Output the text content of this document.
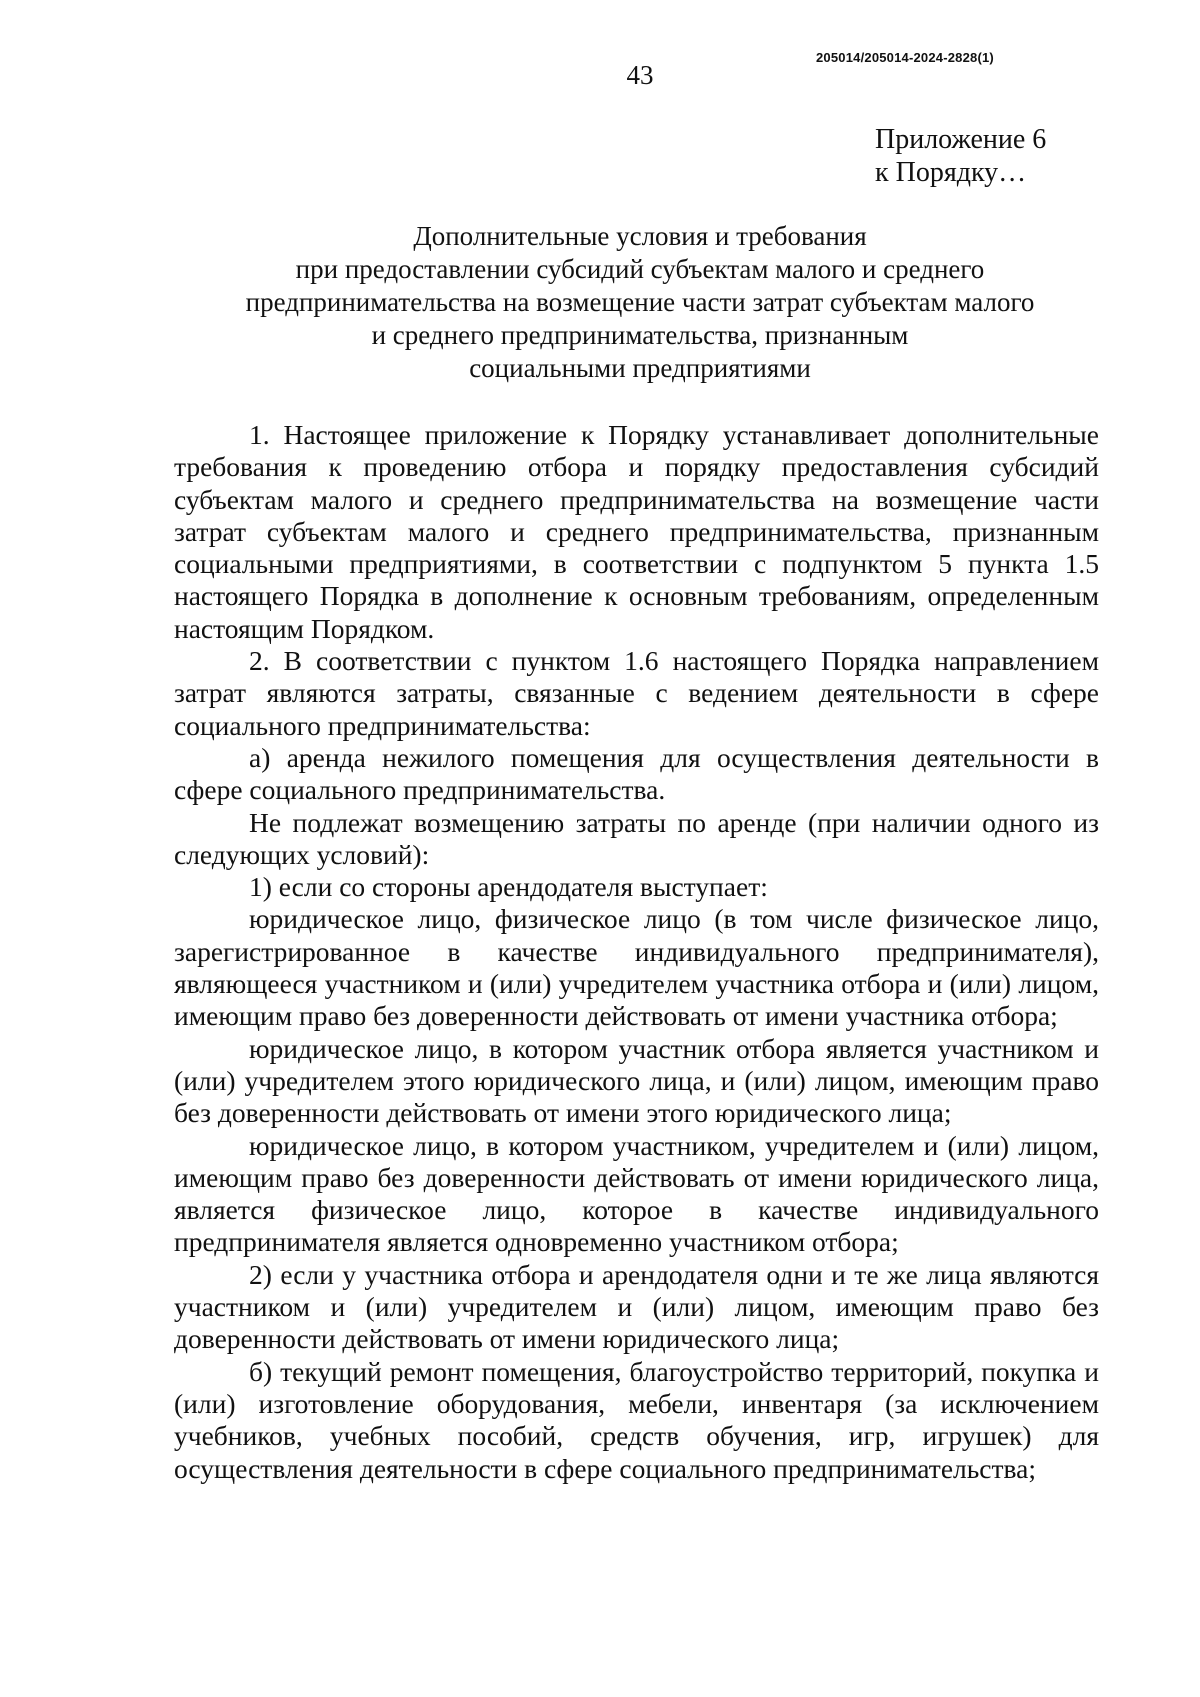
205014/205014-2024-2828(1)
43
Приложение 6
к Порядку…
Дополнительные условия и требования
при предоставлении субсидий субъектам малого и среднего
предпринимательства на возмещение части затрат субъектам малого
и среднего предпринимательства, признанным
социальными предприятиями

1. Настоящее приложение к Порядку устанавливает дополнительные требования к проведению отбора и порядку предоставления субсидий субъектам малого и среднего предпринимательства на возмещение части затрат субъектам малого и среднего предпринимательства, признанным социальными предприятиями, в соответствии с подпунктом 5 пункта 1.5 настоящего Порядка в дополнение к основным требованиям, определенным настоящим Порядком.

2. В соответствии с пунктом 1.6 настоящего Порядка направлением затрат являются затраты, связанные с ведением деятельности в сфере социального предпринимательства:

а) аренда нежилого помещения для осуществления деятельности в сфере социального предпринимательства.

Не подлежат возмещению затраты по аренде (при наличии одного из следующих условий):

1) если со стороны арендодателя выступает:

юридическое лицо, физическое лицо (в том числе физическое лицо, зарегистрированное в качестве индивидуального предпринимателя), являющееся участником и (или) учредителем участника отбора и (или) лицом, имеющим право без доверенности действовать от имени участника отбора;

юридическое лицо, в котором участник отбора является участником и (или) учредителем этого юридического лица, и (или) лицом, имеющим право без доверенности действовать от имени этого юридического лица;

юридическое лицо, в котором участником, учредителем и (или) лицом, имеющим право без доверенности действовать от имени юридического лица, является физическое лицо, которое в качестве индивидуального предпринимателя является одновременно участником отбора;

2) если у участника отбора и арендодателя одни и те же лица являются участником и (или) учредителем и (или) лицом, имеющим право без доверенности действовать от имени юридического лица;

б) текущий ремонт помещения, благоустройство территорий, покупка и (или) изготовление оборудования, мебели, инвентаря (за исключением учебников, учебных пособий, средств обучения, игр, игрушек) для осуществления деятельности в сфере социального предпринимательства;
